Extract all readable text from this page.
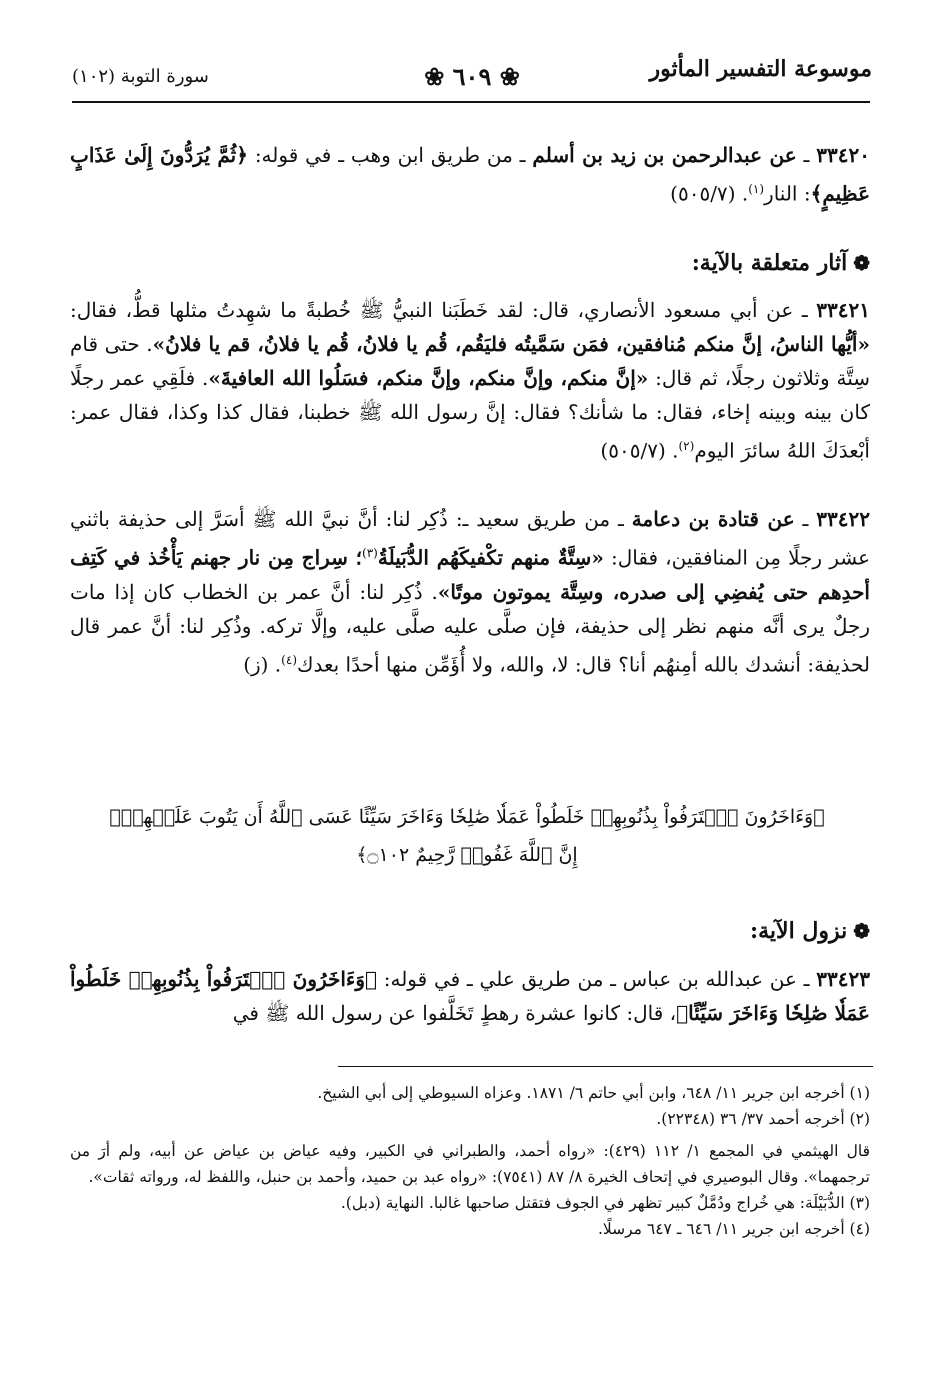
موسوعة التفسير المأثور
❀ ٦٠٩ ❀
سورة التوبة (١٠٢)
٣٣٤٢٠ ـ عن عبدالرحمن بن زيد بن أسلم ـ من طريق ابن وهب ـ في قوله: ﴿ثُمَّ يُرَدُّونَ إِلَىٰ عَذَابٍ عَظِيمٍ﴾: النار$^{(١)}$. (٥٠٥/٧)
❁آثار متعلقة بالآية:
٣٣٤٢١ ـ عن أبي مسعود الأنصاري، قال: لقد خَطَبَنا النبيُّ ﷺ خُطبةً ما شهِدتُ مثلها قطُّ، فقال: «أيُّها الناسُ، إنَّ منكم مُنافقين، فمَن سَمَّيتُه فليَقُم، قُم يا فلانُ، قُم يا فلانُ، قم يا فلانُ». حتى قام سِتَّة وثلاثون رجلًا، ثم قال: «إنَّ منكم، وإنَّ منكم، وإنَّ منكم، فسَلُوا الله العافيةَ». فلَقِي عمر رجلًا كان بينه وبينه إخاء، فقال: ما شأنك؟ فقال: إنَّ رسول الله ﷺ خطبنا، فقال كذا وكذا، فقال عمر: أبْعدَكَ اللهُ سائرَ اليوم$^{(٢)}$. (٥٠٥/٧)
٣٣٤٢٢ ـ عن قتادة بن دعامة ـ من طريق سعيد ـ: ذُكِر لنا: أنَّ نبيَّ الله ﷺ أسَرَّ إلى حذيفة باثني عشر رجلًا مِن المنافقين، فقال: «سِتَّةٌ منهم تكْفيكَهُم الدُّبَيلَةُ$^{(٣)}$؛ سِراج مِن نار جهنم يَأْخُذ في كَتِف أحدِهم حتى يُفضِي إلى صدره، وسِتَّة يموتون موتًا». ذُكِر لنا: أنَّ عمر بن الخطاب كان إذا مات رجلٌ يرى أنَّه منهم نظر إلى حذيفة، فإن صلَّى عليه صلَّى عليه، وإلَّا تركه. وذُكِر لنا: أنَّ عمر قال لحذيفة: أنشدك بالله أمِنهُم أنا؟ قال: لا، والله، ولا أُؤَمِّن منها أحدًا بعدك$^{(٤)}$. (ز)
﴿وَءَاخَرُونَ ٱعۡتَرَفُواْ بِذُنُوبِهِمۡ خَلَطُواْ عَمَلٗا صَٰلِحٗا وَءَاخَرَ سَيِّئًا عَسَى ٱللَّهُ أَن يَتُوبَ عَلَيۡهِمۡۚ
إِنَّ ٱللَّهَ غَفُورٞ رَّحِيمٌ ۝١٠٢﴾
❁نزول الآية:
٣٣٤٢٣ ـ عن عبدالله بن عباس ـ من طريق علي ـ في قوله: ﴿وَءَاخَرُونَ ٱعۡتَرَفُواْ بِذُنُوبِهِمۡ خَلَطُواْ عَمَلٗا صَٰلِحٗا وَءَاخَرَ سَيِّئًا﴾، قال: كانوا عشرة رهطٍ تَخَلَّفوا عن رسول الله ﷺ في
(١) أخرجه ابن جرير ١١/ ٦٤٨، وابن أبي حاتم ٦/ ١٨٧١. وعزاه السيوطي إلى أبي الشيخ.
(٢) أخرجه أحمد ٣٧/ ٣٦ (٢٢٣٤٨).
قال الهيثمي في المجمع ١/ ١١٢ (٤٢٩): «رواه أحمد، والطبراني في الكبير، وفيه عياض بن عياض عن أبيه، ولم أرَ من ترجمهما». وقال البوصيري في إتحاف الخيرة ٨/ ٨٧ (٧٥٤١): «رواه عبد بن حميد، وأحمد بن حنبل، واللفظ له، ورواته ثقات».
(٣) الدُّبَيْلَة: هي خُراج ودُمَّلٌ كبير تظهر في الجوف فتقتل صاحبها غالبا. النهاية (دبل).
(٤) أخرجه ابن جرير ١١/ ٦٤٦ ـ ٦٤٧ مرسلًا.
